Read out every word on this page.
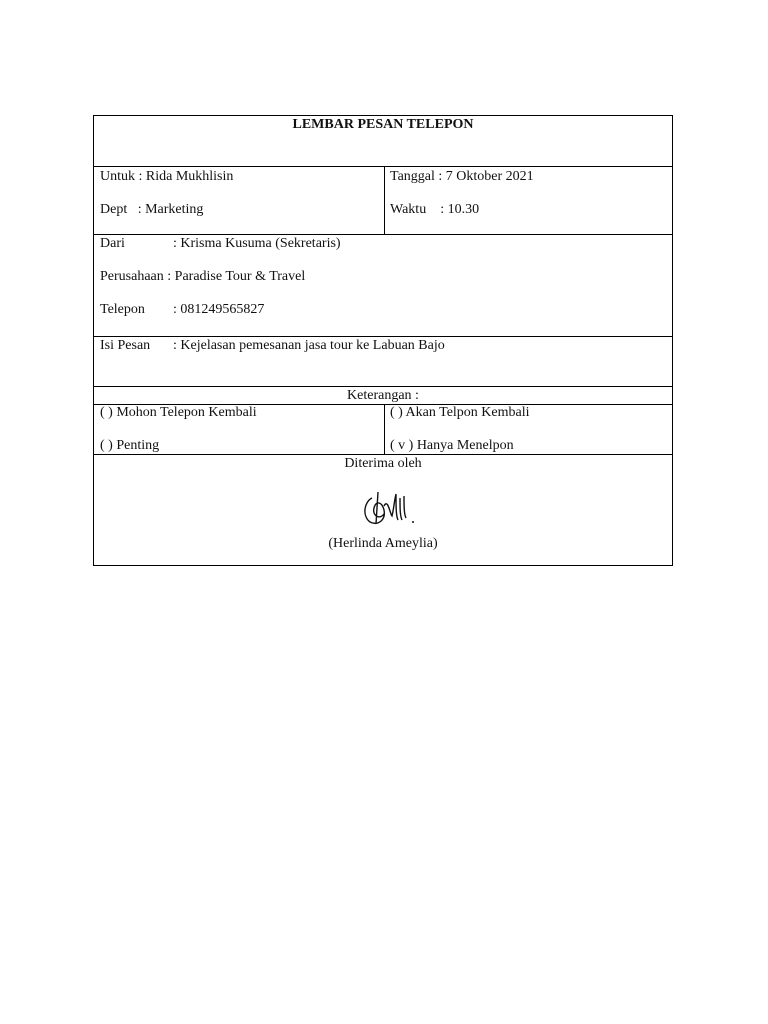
LEMBAR PESAN TELEPON
Untuk : Rida Mukhlisin
Dept   : Marketing
Tanggal : 7 Oktober 2021
Waktu    : 10.30
Dari	: Krisma Kusuma (Sekretaris)
Perusahaan : Paradise Tour & Travel
Telepon : 081249565827
Isi Pesan : Kejelasan pemesanan jasa tour ke Labuan Bajo
Keterangan :
( ) Mohon Telepon Kembali
( ) Penting
( ) Akan Telpon Kembali
( v ) Hanya Menelpon
Diterima oleh
(Herlinda Ameylia)
